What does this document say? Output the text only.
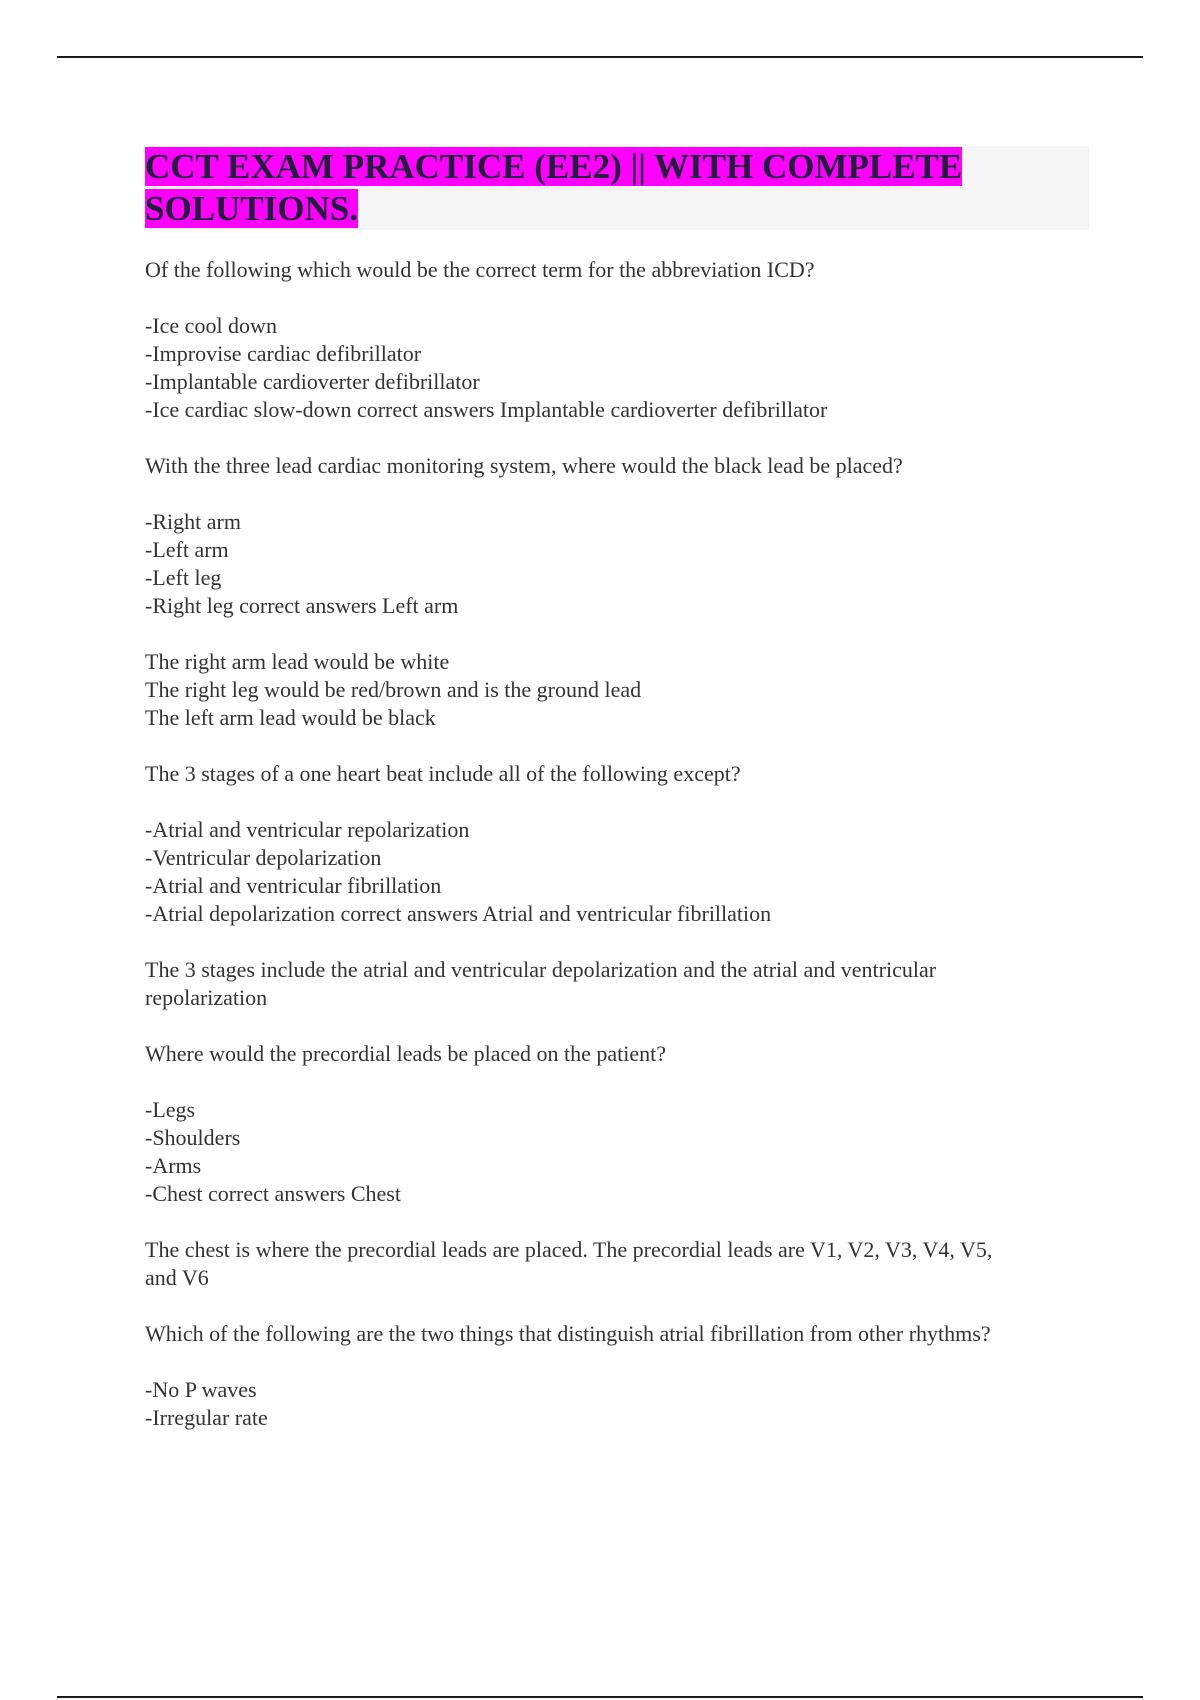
CCT EXAM PRACTICE (EE2) || WITH COMPLETE SOLUTIONS.
Of the following which would be the correct term for the abbreviation ICD?
-Ice cool down
-Improvise cardiac defibrillator
-Implantable cardioverter defibrillator
-Ice cardiac slow-down correct answers Implantable cardioverter defibrillator
With the three lead cardiac monitoring system, where would the black lead be placed?
-Right arm
-Left arm
-Left leg
-Right leg correct answers Left arm
The right arm lead would be white
The right leg would be red/brown and is the ground lead
The left arm lead would be black
The 3 stages of a one heart beat include all of the following except?
-Atrial and ventricular repolarization
-Ventricular depolarization
-Atrial and ventricular fibrillation
-Atrial depolarization correct answers Atrial and ventricular fibrillation
The 3 stages include the atrial and ventricular depolarization and the atrial and ventricular
repolarization
Where would the precordial leads be placed on the patient?
-Legs
-Shoulders
-Arms
-Chest correct answers Chest
The chest is where the precordial leads are placed. The precordial leads are V1, V2, V3, V4, V5,
and V6
Which of the following are the two things that distinguish atrial fibrillation from other rhythms?
-No P waves
-Irregular rate
